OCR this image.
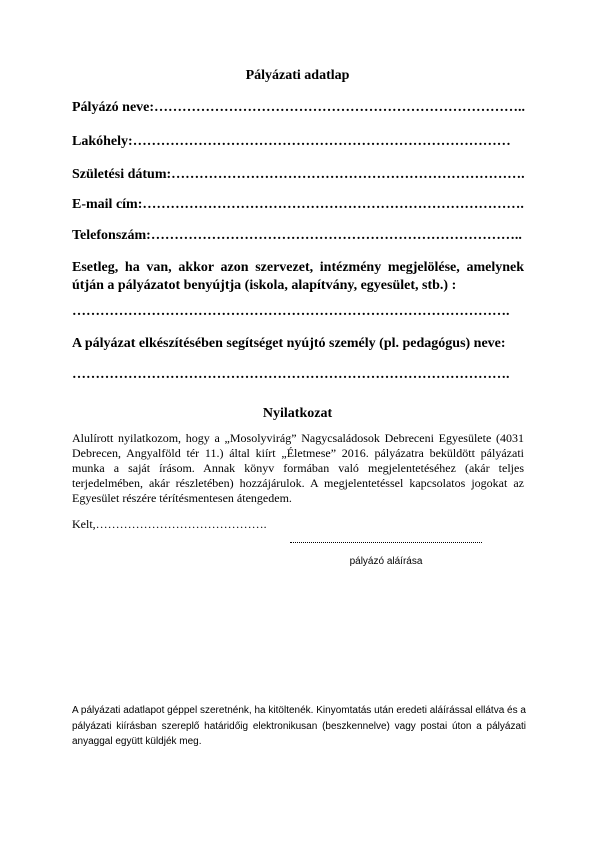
Pályázati adatlap
Pályázó neve:……………………………………………………………………..
Lakóhely:………………………………………………………………………
Születési dátum:………………………………………………………………….
E-mail cím:……………………………………………………………………….
Telefonszám:……………………………………………………………………..
Esetleg, ha van, akkor azon szervezet, intézmény megjelölése, amelynek útján a pályázatot benyújtja (iskola, alapítvány, egyesület, stb.) :
………………………………………………………………………………….
A pályázat elkészítésében segítséget nyújtó személy (pl. pedagógus) neve:
………………………………………………………………………………….
Nyilatkozat
Alulírott nyilatkozom, hogy a „Mosolyvirág” Nagycsaládosok Debreceni Egyesülete (4031 Debrecen, Angyalföld tér 11.) által kiírt „Életmese” 2016. pályázatra beküldött pályázati munka a saját írásom. Annak könyv formában való megjelentetéséhez (akár teljes terjedelmében, akár részletében) hozzájárulok. A megjelentetéssel kapcsolatos jogokat az Egyesület részére térítésmentesen átengedem.
Kelt,…………………………………….
pályázó aláírása
A pályázati adatlapot géppel szeretnénk, ha kitöltenék. Kinyomtatás után eredeti aláírással ellátva és a pályázati kiírásban szereplő határidőig elektronikusan (beszkennelve) vagy postai úton a pályázati anyaggal együtt küldjék meg.
